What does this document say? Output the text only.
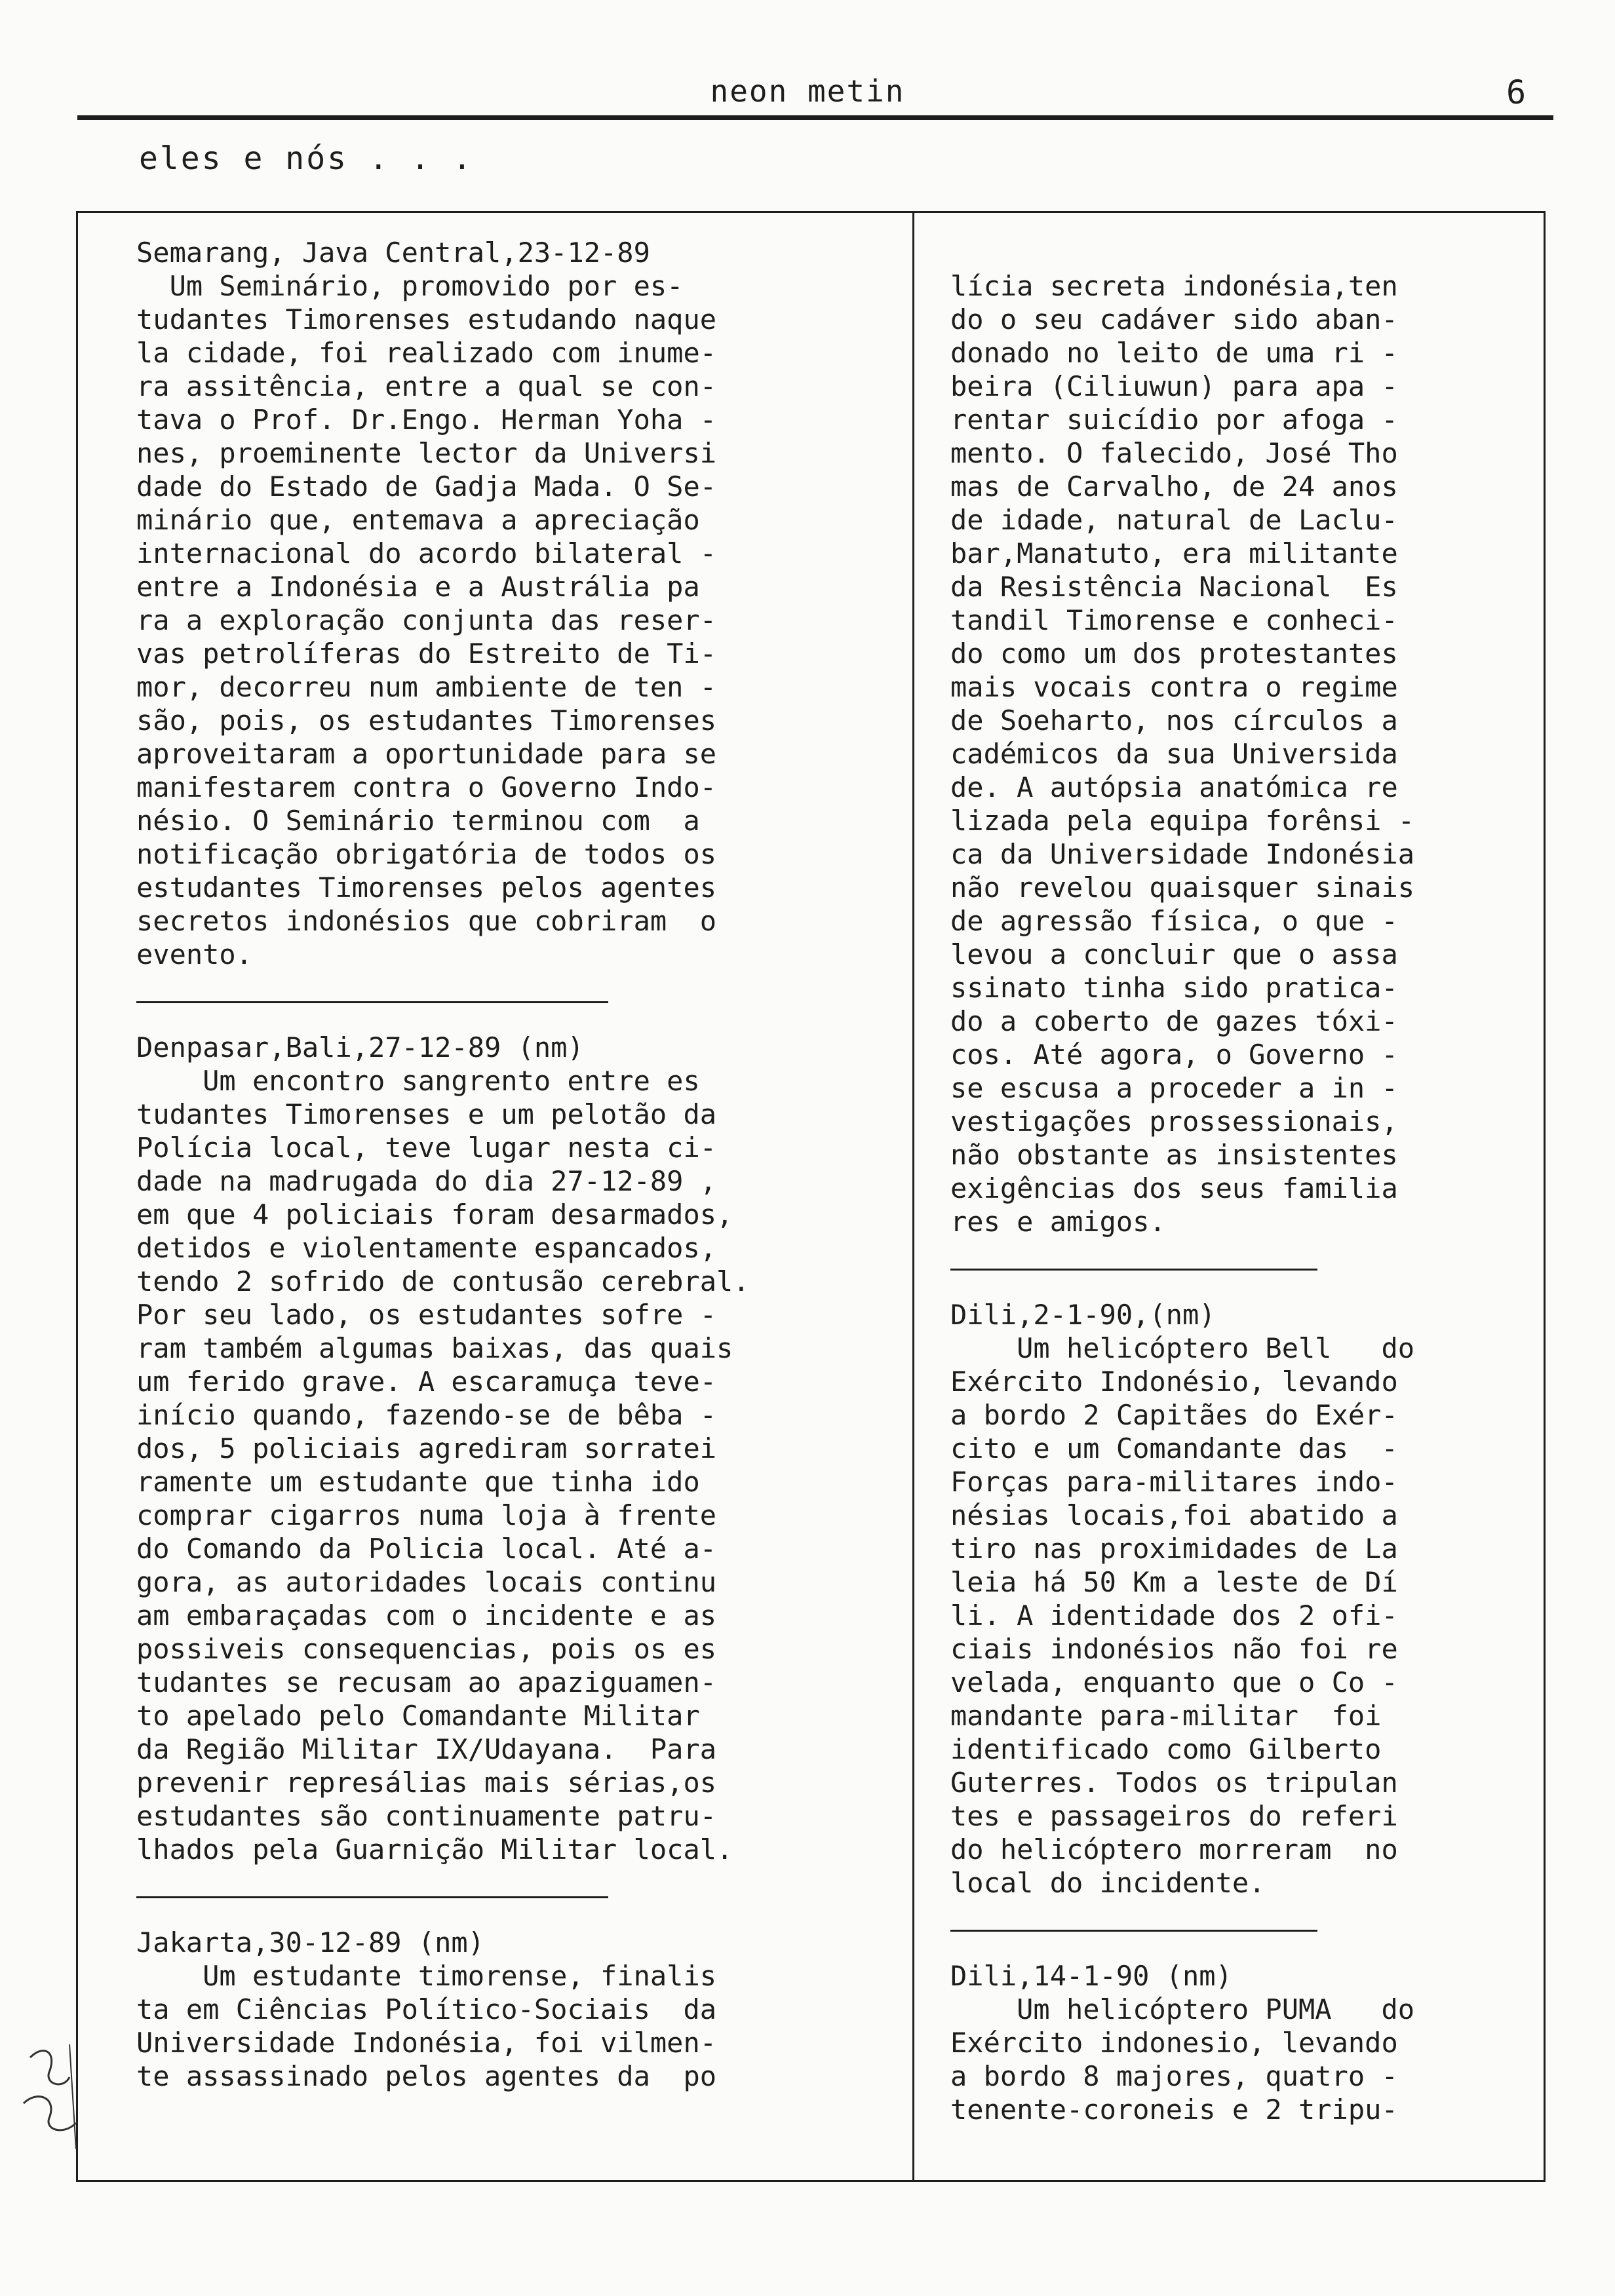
neon metin	6
eles e nós . . .
Semarang, Java Central,23-12-89
Um Seminário, promovido por es-
tudantes Timorenses estudando naque
la cidade, foi realizado com inume-
ra assitência, entre a qual se con-
tava o Prof. Dr.Engo. Herman Yoha -
nes, proeminente lector da Universi
dade do Estado de Gadja Mada. O Se-
minário que, entemava a apreciação
internacional do acordo bilateral -
entre a Indonésia e a Austrália pa
ra a exploração conjunta das reser-
vas petrolíferas do Estreito de Ti-
mor, decorreu num ambiente de ten -
são, pois, os estudantes Timorenses
aproveitaram a oportunidade para se
manifestarem contra o Governo Indo-
nésio. O Seminário terminou com  a
notificação obrigatória de todos os
estudantes Timorenses pelos agentes
secretos indonésios que cobriram  o
evento.
Denpasar,Bali,27-12-89 (nm)
Um encontro sangrento entre es
tudantes Timorenses e um pelotão da
Polícia local, teve lugar nesta ci-
dade na madrugada do dia 27-12-89 ,
em que 4 policiais foram desarmados,
detidos e violentamente espancados,
tendo 2 sofrido de contusão cerebral.
Por seu lado, os estudantes sofre -
ram também algumas baixas, das quais
um ferido grave. A escaramuça teve-
início quando, fazendo-se de bêba -
dos, 5 policiais agrediram sorratei
ramente um estudante que tinha ido
comprar cigarros numa loja à frente
do Comando da Policia local. Até a-
gora, as autoridades locais continu
am embaraçadas com o incidente e as
possiveis consequencias, pois os es
tudantes se recusam ao apaziguamen-
to apelado pelo Comandante Militar
da Região Militar IX/Udayana.  Para
prevenir represálias mais sérias,os
estudantes são continuamente patru-
lhados pela Guarnição Militar local.
Jakarta,30-12-89 (nm)
Um estudante timorense, finalis
ta em Ciências Político-Sociais  da
Universidade Indonésia, foi vilmen-
te assassinado pelos agentes da  po
lícia secreta indonésia,ten
do o seu cadáver sido aban-
donado no leito de uma ri -
beira (Ciliuwun) para apa -
rentar suicídio por afoga -
mento. O falecido, José Tho
mas de Carvalho, de 24 anos
de idade, natural de Laclu-
bar,Manatuto, era militante
da Resistência Nacional  Es
tandil Timorense e conheci-
do como um dos protestantes
mais vocais contra o regime
de Soeharto, nos círculos a
cadémicos da sua Universida
de. A autópsia anatómica re
lizada pela equipa forênsi -
ca da Universidade Indonésia
não revelou quaisquer sinais
de agressão física, o que -
levou a concluir que o assa
ssinato tinha sido pratica-
do a coberto de gazes tóxi-
cos. Até agora, o Governo -
se escusa a proceder a in -
vestigações prossessionais,
não obstante as insistentes
exigências dos seus familia
res e amigos.
Dili,2-1-90,(nm)
Um helicóptero Bell   do
Exército Indonésio, levando
a bordo 2 Capitães do Exér-
cito e um Comandante das  -
Forças para-militares indo-
nésias locais,foi abatido a
tiro nas proximidades de La
leia há 50 Km a leste de Dí
li. A identidade dos 2 ofi-
ciais indonésios não foi re
velada, enquanto que o Co -
mandante para-militar  foi
identificado como Gilberto
Guterres. Todos os tripulan
tes e passageiros do referi
do helicóptero morreram  no
local do incidente.
Dili,14-1-90 (nm)
Um helicóptero PUMA   do
Exército indonesio, levando
a bordo 8 majores, quatro -
tenente-coroneis e 2 tripu-
